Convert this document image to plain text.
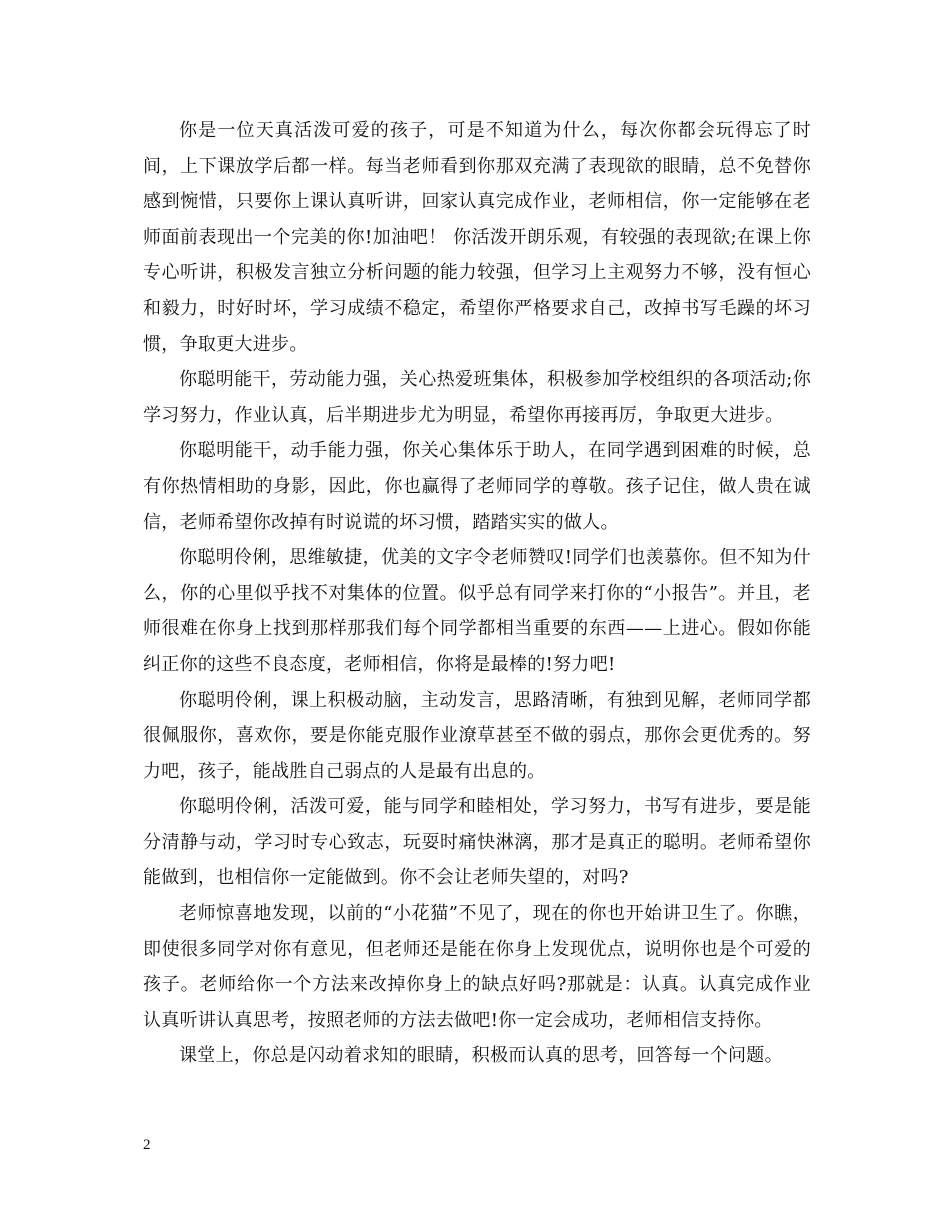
你是一位天真活泼可爱的孩子，可是不知道为什么，每次你都会玩得忘了时间，上下课放学后都一样。每当老师看到你那双充满了表现欲的眼睛，总不免替你感到惋惜，只要你上课认真听讲，回家认真完成作业，老师相信，你一定能够在老师面前表现出一个完美的你!加油吧！ 你活泼开朗乐观，有较强的表现欲;在课上你专心听讲，积极发言独立分析问题的能力较强，但学习上主观努力不够，没有恒心和毅力，时好时坏，学习成绩不稳定，希望你严格要求自己，改掉书写毛躁的坏习惯，争取更大进步。

你聪明能干，劳动能力强，关心热爱班集体，积极参加学校组织的各项活动;你学习努力，作业认真，后半期进步尤为明显，希望你再接再厉，争取更大进步。

你聪明能干，动手能力强，你关心集体乐于助人，在同学遇到困难的时候，总有你热情相助的身影，因此，你也赢得了老师同学的尊敬。孩子记住，做人贵在诚信，老师希望你改掉有时说谎的坏习惯，踏踏实实的做人。

你聪明伶俐，思维敏捷，优美的文字令老师赞叹!同学们也羡慕你。但不知为什么，你的心里似乎找不对集体的位置。似乎总有同学来打你的“小报告”。并且，老师很难在你身上找到那样那我们每个同学都相当重要的东西——上进心。假如你能纠正你的这些不良态度，老师相信，你将是最棒的!努力吧!

你聪明伶俐，课上积极动脑，主动发言，思路清晰，有独到见解，老师同学都很佩服你，喜欢你，要是你能克服作业潦草甚至不做的弱点，那你会更优秀的。努力吧，孩子，能战胜自己弱点的人是最有出息的。

你聪明伶俐，活泼可爱，能与同学和睦相处，学习努力，书写有进步，要是能分清静与动，学习时专心致志，玩耍时痛快淋漓，那才是真正的聪明。老师希望你能做到，也相信你一定能做到。你不会让老师失望的，对吗?

老师惊喜地发现，以前的“小花猫”不见了，现在的你也开始讲卫生了。你瞧，即使很多同学对你有意见，但老师还是能在你身上发现优点，说明你也是个可爱的孩子。老师给你一个方法来改掉你身上的缺点好吗?那就是：认真。认真完成作业认真听讲认真思考，按照老师的方法去做吧!你一定会成功，老师相信支持你。

课堂上，你总是闪动着求知的眼睛，积极而认真的思考，回答每一个问题。

2
